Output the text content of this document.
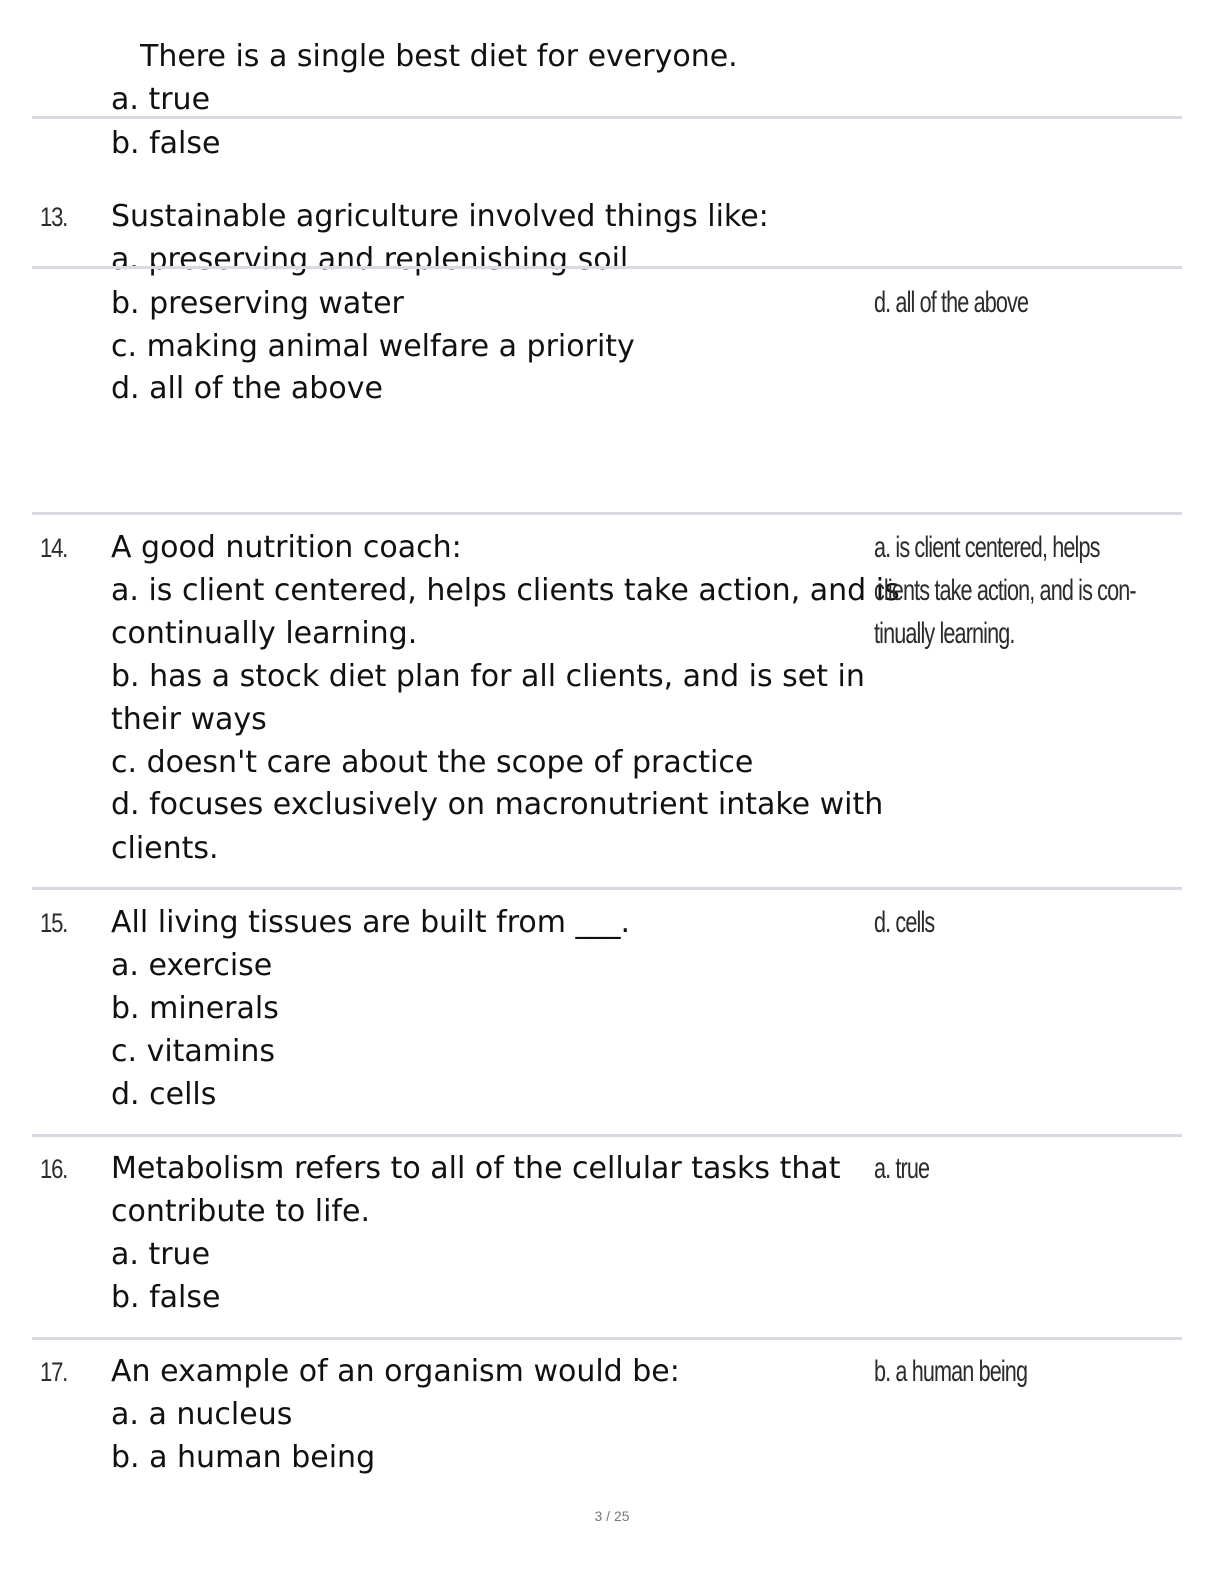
There is a single best diet for everyone.
a. true
b. false
13. Sustainable agriculture involved things like:
a. preserving and replenishing soil
b. preserving water
c. making animal welfare a priority
d. all of the above
d. all of the above
14. A good nutrition coach:
a. is client centered, helps clients take action, and is
continually learning.
b. has a stock diet plan for all clients, and is set in
their ways
c. doesn't care about the scope of practice
d. focuses exclusively on macronutrient intake with
clients.
a. is client centered, helps
clients take action, and is con-
tinually learning.
15. All living tissues are built from ___.
a. exercise
b. minerals
c. vitamins
d. cells
d. cells
16. Metabolism refers to all of the cellular tasks that
contribute to life.
a. true
b. false
a. true
17. An example of an organism would be:
a. a nucleus
b. a human being
b. a human being
3 / 25
